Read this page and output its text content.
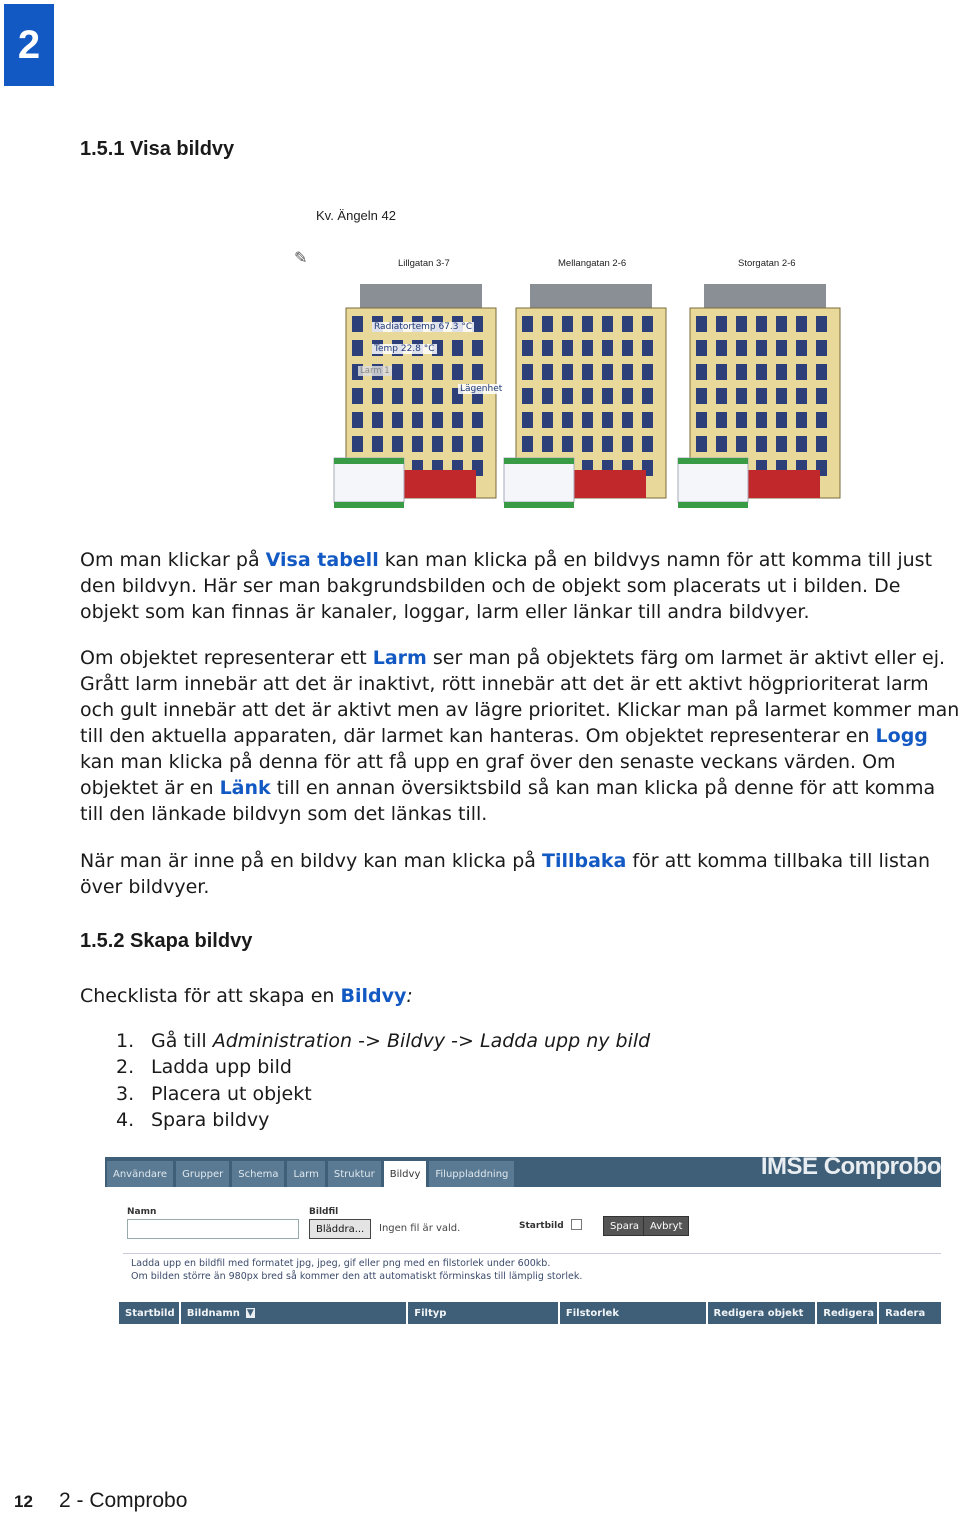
2
1.5.1 Visa bildvy
Kv. Ängeln 42
✎	Lillgatan 3-7	Mellangatan 2-6	Storgatan 2-6
Radiatortemp 67.3 °C
Temp 22.8 °C
Larm 1
Lägenhet

Om man klickar på Visa tabell kan man klicka på en bildvys namn för att komma till just den bildvyn. Här ser man bakgrundsbilden och de objekt som placerats ut i bilden. De objekt som kan finnas är kanaler, loggar, larm eller länkar till andra bildvyer.

Om objektet representerar ett Larm ser man på objektets färg om larmet är aktivt eller ej. Grått larm innebär att det är inaktivt, rött innebär att det är ett aktivt högprioriterat larm och gult innebär att det är aktivt men av lägre prioritet. Klickar man på larmet kommer man till den aktuella apparaten, där larmet kan hanteras. Om objektet representerar en Logg kan man klicka på denna för att få upp en graf över den senaste veckans värden. Om objektet är en Länk till en annan översiktsbild så kan man klicka på denne för att komma till den länkade bildvyn som det länkas till.

När man är inne på en bildvy kan man klicka på Tillbaka för att komma tillbaka till listan över bildvyer.

1.5.2 Skapa bildvy

Checklista för att skapa en Bildvy:

1. Gå till Administration -> Bildvy -> Ladda upp ny bild
2. Ladda upp bild
3. Placera ut objekt
4. Spara bildvy
Användare	Grupper	Schema	Larm	Struktur	Bildvy	Filuppladdning	IMSE Comprobo
Namn	Bildfil
Bläddra...	Ingen fil är vald.	Startbild	Spara	Avbryt
Ladda upp en bildfil med formatet jpg, jpeg, gif eller png med en filstorlek under 600kb.
Om bilden större än 980px bred så kommer den att automatiskt förminskas till lämplig storlek.
Startbild	Bildnamn ▼	Filtyp	Filstorlek	Redigera objekt	Redigera	Radera
12 2 - Comprobo
